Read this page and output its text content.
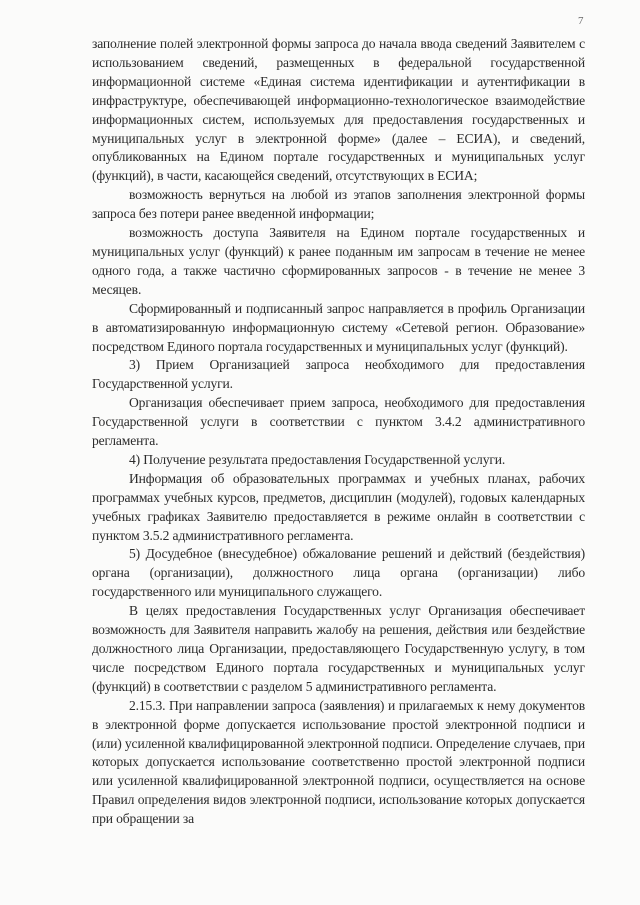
7

заполнение полей электронной формы запроса до начала ввода сведений Заявителем с использованием сведений, размещенных в федеральной государственной информационной системе «Единая система идентификации и аутентификации в инфраструктуре, обеспечивающей информационно-технологическое взаимодействие информационных систем, используемых для предоставления государственных и муниципальных услуг в электронной форме» (далее – ЕСИА), и сведений, опубликованных на Едином портале государственных и муниципальных услуг (функций), в части, касающейся сведений, отсутствующих в ЕСИА;

возможность вернуться на любой из этапов заполнения электронной формы запроса без потери ранее введенной информации;

возможность доступа Заявителя на Едином портале государственных и муниципальных услуг (функций) к ранее поданным им запросам в течение не менее одного года, а также частично сформированных запросов - в течение не менее 3 месяцев.

Сформированный и подписанный запрос направляется в профиль Организации в автоматизированную информационную систему «Сетевой регион. Образование» посредством Единого портала государственных и муниципальных услуг (функций).

3) Прием Организацией запроса необходимого для предоставления Государственной услуги.

Организация обеспечивает прием запроса, необходимого для предоставления Государственной услуги в соответствии с пунктом 3.4.2 административного регламента.

4) Получение результата предоставления Государственной услуги.

Информация об образовательных программах и учебных планах, рабочих программах учебных курсов, предметов, дисциплин (модулей), годовых календарных учебных графиках Заявителю предоставляется в режиме онлайн в соответствии с пунктом 3.5.2 административного регламента.

5) Досудебное (внесудебное) обжалование решений и действий (бездействия) органа (организации), должностного лица органа (организации) либо государственного или муниципального служащего.

В целях предоставления Государственных услуг Организация обеспечивает возможность для Заявителя направить жалобу на решения, действия или бездействие должностного лица Организации, предоставляющего Государственную услугу, в том числе посредством Единого портала государственных и муниципальных услуг (функций) в соответствии с разделом 5 административного регламента.

2.15.3. При направлении запроса (заявления) и прилагаемых к нему документов в электронной форме допускается использование простой электронной подписи и (или) усиленной квалифицированной электронной подписи. Определение случаев, при которых допускается использование соответственно простой электронной подписи или усиленной квалифицированной электронной подписи, осуществляется на основе Правил определения видов электронной подписи, использование которых допускается при обращении за
